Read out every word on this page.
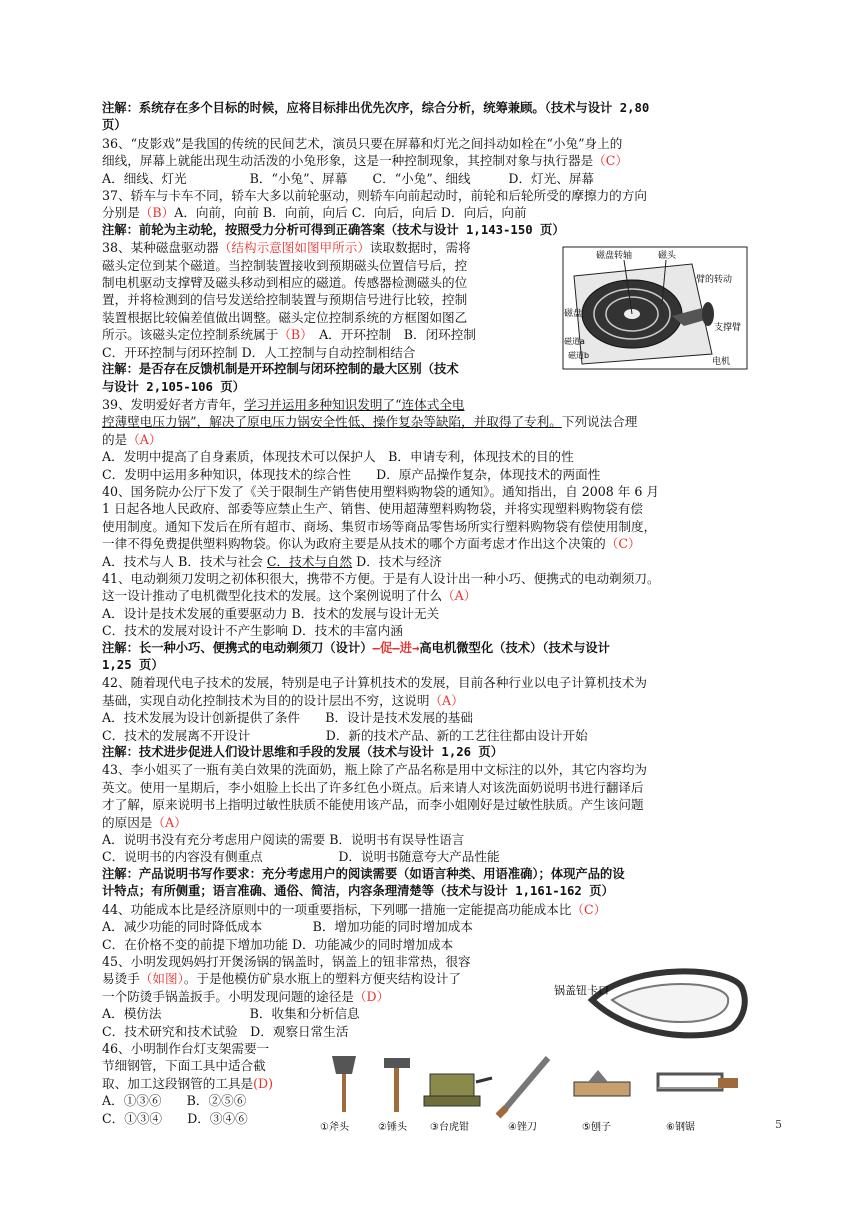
注解：系统存在多个目标的时候，应将目标排出优先次序，综合分析，统筹兼顾。（技术与设计 2,80
页）
36、“皮影戏”是我国的传统的民间艺术，演员只要在屏幕和灯光之间抖动如栓在“小兔”身上的
细线，屏幕上就能出现生动活泼的小兔形象，这是一种控制现象，其控制对象与执行器是（C）
A．细线、灯光　　　　　B．“小兔”、屏幕　　C．“小兔”、细线　　　D．灯光、屏幕
37、轿车与卡车不同，轿车大多以前轮驱动，则轿车向前起动时，前轮和后轮所受的摩擦力的方向
分别是（B）A．向前，向前 B．向前，向后 C．向后，向后 D．向后，向前
注解：前轮为主动轮，按照受力分析可得到正确答案（技术与设计 1,143-150 页）
38、某种磁盘驱动器（结构示意图如图甲所示）读取数据时，需将
磁头定位到某个磁道。当控制装置接收到预期磁头位置信号后，控
制电机驱动支撑臂及磁头移动到相应的磁道。传感器检测磁头的位
置，并将检测到的信号发送给控制装置与预期信号进行比较，控制
装置根据比较偏差值做出调整。磁头定位控制系统的方框图如图乙
所示。该磁头定位控制系统属于（B）　A．开环控制　B．闭环控制
C．开环控制与闭环控制 D．人工控制与自动控制相结合
注解：是否存在反馈机制是开环控制与闭环控制的最大区别（技术
与设计 2,105-106 页）
39、发明爱好者方青年，学习并运用多种知识发明了“连体式全电
控薄壁电压力锅”，解决了原电压力锅安全性低、操作复杂等缺陷，并取得了专利。下列说法合理
的是（A）
A．发明中提高了自身素质，体现技术可以保护人　B．申请专利，体现技术的目的性
C．发明中运用多种知识，体现技术的综合性　　D．原产品操作复杂，体现技术的两面性
40、国务院办公厅下发了《关于限制生产销售使用塑料购物袋的通知》。通知指出，自 2008 年 6 月
1 日起各地人民政府、部委等应禁止生产、销售、使用超薄塑料购物袋，并将实现塑料购物袋有偿
使用制度。通知下发后在所有超市、商场、集贸市场等商品零售场所实行塑料购物袋有偿使用制度，
一律不得免费提供塑料购物袋。你认为政府主要是从技术的哪个方面考虑才作出这个决策的（C）
A．技术与人 B．技术与社会 C．技术与自然 D．技术与经济
41、电动剃须刀发明之初体积很大，携带不方便。于是有人设计出一种小巧、便携式的电动剃须刀。
这一设计推动了电机微型化技术的发展。这个案例说明了什么（A）
A．设计是技术发展的重要驱动力 B．技术的发展与设计无关
C．技术的发展对设计不产生影响 D．技术的丰富内涵
注解：长一种小巧、便携式的电动剃须刀（设计）—促—进→高电机微型化（技术）（技术与设计
1,25 页）
42、随着现代电子技术的发展，特别是电子计算机技术的发展，目前各种行业以电子计算机技术为
基础，实现自动化控制技术为目的的设计层出不穷，这说明（A）
A．技术发展为设计创新提供了条件　　B．设计是技术发展的基础
C．技术的发展离不开设计　　　　　　D．新的技术产品、新的工艺往往都由设计开始
注解：技术进步促进人们设计思维和手段的发展（技术与设计 1,26 页）
43、李小姐买了一瓶有美白效果的洗面奶，瓶上除了产品名称是用中文标注的以外，其它内容均为
英文。使用一星期后，李小姐脸上长出了许多红色小斑点。后来请人对该洗面奶说明书进行翻译后
才了解，原来说明书上指明过敏性肤质不能使用该产品，而李小姐刚好是过敏性肤质。产生该问题
的原因是（A）
A．说明书没有充分考虑用户阅读的需要 B．说明书有误导性语言
C．说明书的内容没有侧重点　　　　　　D．说明书随意夸大产品性能
注解：产品说明书写作要求：充分考虑用户的阅读需要（如语言种类、用语准确）；体现产品的设
计特点；有所侧重；语言准确、通俗、简洁，内容条理清楚等（技术与设计 1,161-162 页）
44、功能成本比是经济原则中的一项重要指标，下列哪一措施一定能提高功能成本比（C）
A．减少功能的同时降低成本　　　　B．增加功能的同时增加成本
C．在价格不变的前提下增加功能 D．功能减少的同时增加成本
45、小明发现妈妈打开煲汤锅的锅盖时，锅盖上的钮非常热，很容
易烫手（如图）。于是他模仿矿泉水瓶上的塑料方便夹结构设计了
一个防烫手锅盖扳手。小明发现问题的途径是（D）
A．模仿法　　　　　　　B．收集和分析信息
C．技术研究和技术试验　D．观察日常生活
46、小明制作台灯支架需要一
节细钢管，下面工具中适合截
取、加工这段钢管的工具是(D)
A．①③⑥　　B．②⑤⑥
C．①③④　　D．③④⑥
磁盘转轴	磁头
臂的转动
磁盘
磁道a
磁道b
支撑臂
电机
锅盖钮卡口
①斧头	②锤头 ③台虎钳	④锉刀	⑤刨子	⑥钢锯	5
